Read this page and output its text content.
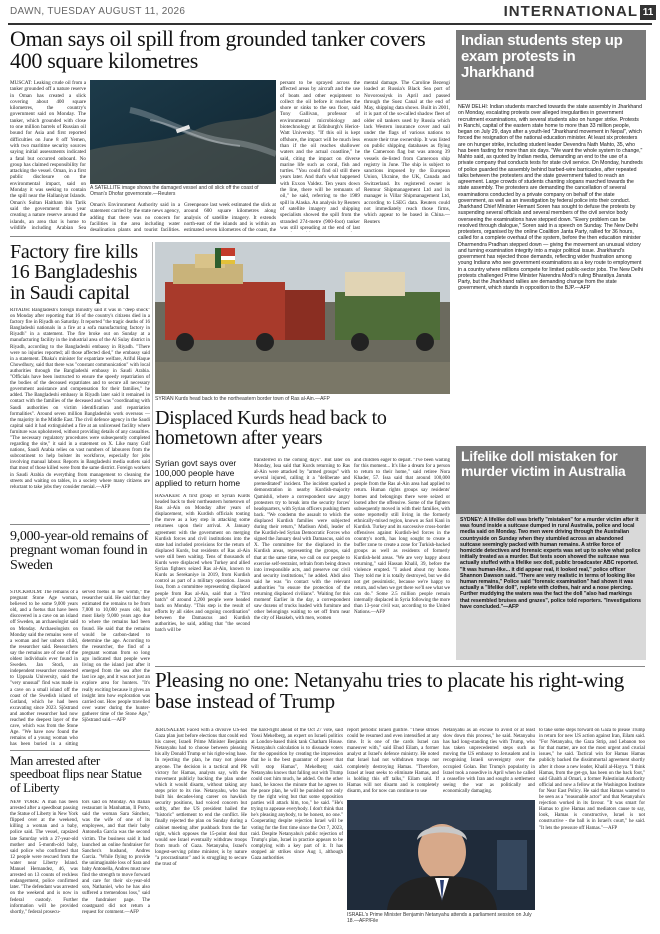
DAWN, TUESDAY AUGUST 11, 2026	INTERNATIONAL 11
Oman says oil spill from grounded tanker covers 400 square kilometres
MUSCAT: Leaking crude oil from a tanker grounded off a nature reserve in Oman has created a slick covering about 400 square kilometres, the country's government said on Monday. The tanker, which grounded with close to one million barrels of Russian oil bound for Asia and first reported difficulties on June 8 off Yemen, with two maritime security sources saying initial assessments indicated a fatal but occurred onboard. No group has claimed responsibility for attacking the vessel. Oman, in a first public disclosure on the environmental impact, said on Monday it was seeking to contain the spill near the Hallaniyat Islands. Oman's Sultan Haitham bin Tarik said the government this year creating a nature reserve around the islands, an area that is home to wildlife including Arabian Sea
A SATELLITE image shows the damaged vessel and oil slick off the coast of Oman's Dhofar governorate.—Reuters
Oman's Environment Authority said in a statement carried by the state news agency, adding that there was no concern for facilities in the area including water desalination plants and tourist facilities.
Greenpeace last week estimated the slick at around 600 square kilometres along analysis of satellite imagery. It extends north-east of the islands and is within an estimated seven kilometres of the coast, the
persant to be sprayed across the affected areas by aircraft and the use of boats and other equipment to collect the oil before it reaches the shore or sinks to the sea floor, said Tony Gallivan, professor of environmental microbiology and biotechnology at Edinburgh's Heriot-Watt University. "If this oil is kept offshore, the impact will be much less than if the oil reaches shallower waters and the actual coastline," he said, citing the impact on diverse marine life such as coral, fish and turtles. "You could find oil still there years later. And that's what happened with Exxon Valdez. Ten years down the line, there will be remnants of oil," he said, referring to the 1989 spill in Alaska. An analysis by Reuters of satellite imagery and shipping specialists showed the spill from the stranded 274-metre (900-foot) tanker was still spreading at the end of last
mental damage. The Caroline Bezengi loaded at Russia's Black Sea port of Novorossiysk in April and passed through the Suez Canal at the end of May, shipping data shows. Built in 2001, it is part of the so-called shadow fleet of older oil tankers used by Russia which lack Western insurance cover and sail under the flags of various nations to ensure their true ownership. It was listed on public shipping databases as flying the Cameroon flag but was among 39 vessels de-listed from Cameroon ship registry in June. The ship is subject to sanctions imposed by the European Union, Ukraine, the UK, Canada and Switzerland. Its registered owner is Rentour Shipmanagement Ltd and its manager is Villar Shipmanagement Ltd, according to LSEG data. Reuters could not immediately reach those firms, which appear to be based in China.—Reuters
Factory fire kills 16 Bangladeshis in Saudi capital
RIYADH: Bangladesh's foreign ministry said it was in "deep shock" on Monday after reporting that 16 of the country's citizens died in a factory fire in Riyadh on Saturday. It reported "the tragic deaths of 16 Bangladeshi nationals in a fire at a sofa manufacturing factory in Riyadh" in a statement. The fire broke out on Sunday at a manufacturing facility in the industrial area of the Al Sulay district in Riyadh, according to the Bangladeshi embassy in Riyadh. "There were no injuries reported; all those affected died," the embassy said in a statement. Dhaka's minister for expatriate welfare, Ariful Haque Chowdhury, said that there was "constant communication" with local authorities through the Bangladeshi embassy in Saudi Arabia. "Officials have been instructed to ensure the speedy repatriation of the bodies of the deceased expatriates and to secure all necessary government assistance and compensation for their families," he added. The Bangladeshi embassy in Riyadh later said it remained in contact with the families of the deceased and was "coordinating with Saudi authorities on victim identification and repatriation formalities". Around seven million Bangladeshis work overseas — the majority in the Middle East. The civil defence agency in the Saudi capital said it had extinguished a fire at an unlicensed facility where furniture was upholstered, without providing details of any casualties. "The necessary regulatory procedures were subsequently completed regarding the site," it said in a statement on X. Like many Gulf nations, Saudi Arabia relies on vast numbers of labourers from the subcontinent to help bolster its workforce, especially for jobs involving manual labour. Reports in Bangladeshi media outlets said that most of those killed were from the same district. Foreign workers in Saudi Arabia do everything from management to cleaning the streets and waiting on tables, in a society where many citizens are reluctant to take jobs they consider menial.—AFP
SYRIAN Kurds head back to the northeastern border town of Ras al-Ain.—AFP
Displaced Kurds head back to hometown after years
Syrian govt says over 100,000 people have applied to return home
HASAKEH: A first group of Syrian Kurds headed back to their northeastern hometown of Ras al-Ain on Monday after years of displacement, with Kurdish officials touting the move as a key step in attacking some returnees upon their arrival. A January agreement with the government on merging Kurdish forces and civil institutions into the state had included provisions for the return of displaced Kurds, but residents of Ras al-Ain were still been waiting. Tens of thousands of Kurds were displaced when Turkey and allied Syrian fighters seized Ras al-Ain, known to Kurds as Serekaniye in 2019, from Kurdish control as part of a military operation. Jawan Issa, from a committee representing displaced people from Ras al-Ain, said that a "first batch" of around 2,200 people were headed back on Monday. "This step is the result of efforts by all sides and ongoing coordination" between the Damascus and Kurdish authorities, he said, adding that "the second batch will be
transferred in the coming days". But later on Monday, Issa said that Kurds returning to Ras al-Ain were attacked by "armed groups" with several injured, calling it a "deliberate and premeditated" incident. The incident sparked a demonstration in nearby Kurdish-majority Qamishli, where a correspondent saw angry protesters try to break into the security forces' headquarters, with Syrian officers pushing them back. "We condemn the assault to which the displaced Kurdish families were subjected during their return," Madison Abdi, leader of the Kurdish-led Syrian Democratic Forces who signed the January deal with Damascus, said on X. The committee for the displaced in the Kurdish areas, representing the groups, said that at the same time, we call on our people to exercise self-restraint, refrain from being drawn into irresponsible acts, and preserve our civil and security institutions," he added. Abdi also said he was "in contact with the relevant authorities "to ensure the protection of the returning displaced civilians". 'Waiting for this moment' Earlier in the day, a correspondent saw dozens of trucks loaded with furniture and other belongings waiting to set off from near the city of Hasakeh, with men, women
and children eager to depart. "I've been waiting for this moment... It's like a dream for a person to return to their home," said retiree Nora Khader, 57. Issa said that around 100,000 people from the Ras al-Ain area had applied to return. Human rights groups say residents' homes and belongings there were seized or looted after the offensive. Some of the fighters subsequently moved in with their families, with some reportedly still living in the formerly ethnically-mixed region, known as Sari Kani in Kurdish. Turkey and its successive cross-border offensives against Kurdish-led forces in the country's north, has long sought to create a buffer zone to create a zone for Turkish-backed groups as well as residents of formerly Kurdish-held areas. "We are very happy about returning," said Hassan Khalil, 39, before the violence erupted. "I asked about my home. They told me it is totally destroyed, but we did not get pessimistic, because we're happy to return, and when we get there we'll see what we can do." Some 2.5 million people remain internally displaced in Syria following the more than 13-year civil war, according to the United Nations.—AFP
9,000-year-old remains of pregnant woman found in Sweden
STOCKHOLM: The remains of a pregnant Stone Age woman, believed to be some 9,000 years old, and a foetus that have been discovered in a cave on an island off Sweden, an archaeologist said on Monday. Archaeologists on Monday said the remains were of a woman and her unborn child, the researcher said. Researchers say the remains are of one of the oldest individuals ever found in Sweden. Jan Storå, an independent researcher connected to Uppsala University, said the "very unusual" find was made in a cave on a small island off the coast of the Swedish island of Gotland, which he had been excavating since 2023. Sjöstrand and another researcher had now reached the deepest layer of the cave, which was from the Stone Age. "We have now found the remains of a young woman who has been buried in a sitting
served foetus in her womb," the researcher said. He said that they estimated the remains to be from 7,000 to 10,000 years old, but most likely 9,000 years ago due to where the remains had been found. He said that the remains would be carbon-dated to determine the age. According to the researcher, the find of a pregnant woman from so long ago indicated that people were living on the island just after it emerged from the sea after the last ice age, and it was not just an explore area for hunters. "It's really exciting because it gives an insight into how exploration was carried out. How people travelled over water during the hunter-gatherer time of the Stone Age," Sjöstrand said.—AFP
Man arrested after speedboat flips near Statue of Liberty
NEW YORK: A man has been arrested after a speedboat passing the Statue of Liberty in New York flipped over at the weekend, killing a woman and a baby, police said. The vessel, capsized late Saturday with a 27-year-old mother and 5-month-old baby, said police who confirmed that 12 people were rescued from the water near Liberty Island. Manuel Hernandez, 46, was arrested on 13 counts of reckless endangerment, police confirmed later. "The defendant was arrested on the weekend and is now in federal custody. Further information will be provided shortly," federal prosecu-
tors said on Monday. An Italian restaurant in Manhattan, Il Porto, said the woman Sara Sánchez, was the wife of one of its employees, and that their baby Antonella Garcia was the second victim. The business said it had launched an online fundraiser for Sanchez's husband, Andres Garcia. "While flying to provide the unimaginable loss of Sara and baby Antonella, Andres must now find the strength to move forward and care for their six-year-old son, Nathaniel, who he has also suffered a tremendous loss," said the fundraiser page. The coastguard did not return a request for comment.—AFP
Pleasing no one: Netanyahu tries to placate his right-wing base instead of Trump
JERUSALEM: Faced with a divisive US-led Gaza plan just before elections that could end his career, Israeli Prime Minister Benjamin Netanyahu had to choose between pleasing his ally Donald Trump or his right-wing base. In rejecting the plan, he may not please anyone. The decision is a tactical and PR victory for Hamas, analysts say, with the movement publicly backing the plan under which it would disarm, without taking any steps prior to its rise. Netanyahu, who has built his decades-long career on hawkish security positions, had voiced concern but softly, after the US president hailed the "historic" settlement to end the conflict. He finally rejected the plan on Sunday during a cabinet meeting after pushback from the far right, which opposes the 15-point deal that would see Israel eventually withdraw troops from much of Gaza. Netanyahu, Israel's longest-serving prime minister, is by nature "a procrastinator" and is struggling to secure the trust of
the hard-right ahead of the Oct 27 vote, said Yossi Mekelberg, an expert on Israeli politics at London-based think tank Chatham House. Netanyahu's calculation is to dissuade voters for the opposition by creating the impression that he is the best guarantor of power that will stop Hamas", Mekelberg said. Netanyahu knows that falling out with Trump could cost him much, he added. On the other hand, he knows the minute that he agrees to the peace plan, he will be punished not only by the right wing but that some opposition parties will attack him, too," he said. "He's trying to appease everybody. I don't think that he's pleasing anybody, to be honest, no one." Cooperating despite rejection Israel will be voting for the first time since the Oct 7, 2023, raid. Despite Netanyahu's public rejection of Trump's plan, Israel in practice appears to be complying with a key part of it. It has stopped air strikes since Aug 1, although Gaza authorities
report periodic Israeli gunfire. "These strikes could be resumed and even intensified at any time. It is one of the cards Israel can maneuver with," said Ehud Eilam, a former analyst at Israel's defence ministry. He noted that Israel had not withdrawn troops nor completely destroying Hamas. "Therefore, Israel at least seeks to eliminate Hamas, and is holding this off talks," Eilam said. If Hamas will not disarm and is completely disarm, and for now can continue to use
ISRAEL's Prime Minister Benjamin Netanyahu attends a parliament session on July 18.—AFP/File
Netanyahu as an excuse to avoid or at least slow down this process," he said. Netanyahu has had long-standing ties with Trump, who has taken unprecedented steps such as moving the US embassy to Jerusalem and in recognising Israeli sovereignty over the occupied Golan. But Trump's popularity in Israel took a nosedive in April when he called a ceasefire with Iran and sought a settlement seeing the war as politically and economically damaging.
to take some steps forward on Gaza to please Trump in return for new US action against Iran, Eilam said. "For Netanyahu, the Gaza Strip, and Lebanon too for that matter, are not the most urgent and crucial issues," he said. Tactical win for Hamas Hamas publicly backed the dissimmortal agreement shortly after it chose a new leader, Khalil al-Hayya. "I think Hamas, from the get-go, has been on the back foot," said Ghaith al Omari, a former Palestinian Authority official and now a fellow at the Washington Institute for Near East Policy. He said that Hamas wanted to be seen as a "reasonable actor" and that Netanyahu's rejection worked in its favour. "It was smart for Hamas to give Hamas and mediators cause to say, look, Hamas is constructive, Israel is not constructive - the ball is in Israel's court," he said. "It lets the pressure off Hamas."—AFP
Indian students step up exam protests in Jharkhand
NEW DELHI: Indian students marched towards the state assembly in Jharkhand on Monday, escalating protests over alleged irregularities in government recruitment examinations, with several students also on hunger strike. Protests in Ranchi, capital of the eastern state home to more than 33 million people, began on July 29, days after a youth-led "Jharkhand movement in Nepal", which forced the resignation of the national education minister. At least six protesters are on hunger strike, including student leader Devendra Nath Mahto, 35, who has been fasting for more than six days. "We want the whole system to change," Mahto said, as quoted by Indian media, demanding an end to the use of a private company that conducts tests for state civil service. On Monday, hundreds of police guarded the assembly behind barbed-wire barricades, after repeated talks between the protesters and the state government failed to reach an agreement. Large crowds of students chanting slogans marched towards the state assembly. The protesters are demanding the cancellation of several examinations conducted by a private company on behalf of the state government, as well as an investigation by federal police into their conduct. Jharkhand Chief Minister Hemant Soren has sought to defuse the protests by suspending several officials and several members of the civil service body overseeing the examinations have stepped down. "Every problem can be resolved through dialogue," Soren said in a speech on Sunday. The New Delhi protesters, organised by the online Coalition Janta Party, rallied for 36 hours, called for a complete overhaul of the system, before the then education minister Dharmendra Pradhan stepped down — giving the movement an unusual victory and turning examination integrity into a major political issue. Jharkhand's government has rejected those demands, reflecting wider frustration among young Indians who see government examinations as a key route to employment in a country where millions compete for limited public-sector jobs. The New Delhi protests challenged Prime Minister Narendra Modi's ruling Bharatiya Janata Party, but the Jharkhand rallies are demanding change from the state government, which stands in opposition to the BJP.—AFP
Lifelike doll mistaken for murder victim in Australia
SYDNEY: A lifelike doll was briefly "mistaken" for a murder victim after it was found inside a suitcase dumped in rural Australia, police and local media said on Monday. Two men were driving through the Australian countryside on Sunday when they stumbled across an abandoned suitcase seemingly packed with human remains. A strike force of homicide detectives and forensic experts was set up to solve what police initially treated as a murder. But tests soon showed the suitcase was actually stuffed with a lifelike sex doll, public broadcaster ABC reported. "It was human-like... it did appear real, it looked real," police officer Shannon Dawson said. "There are very realistic in terms of looking like human remains," Police said "forensic examination" had shown it was actually a "lifelike doll", replete with clothes, hair and a nose piercing. Further muddying the waters was the fact the doll "also had markings that resembled bruises and grazes", police told reporters. "Investigations have concluded."—AFP
